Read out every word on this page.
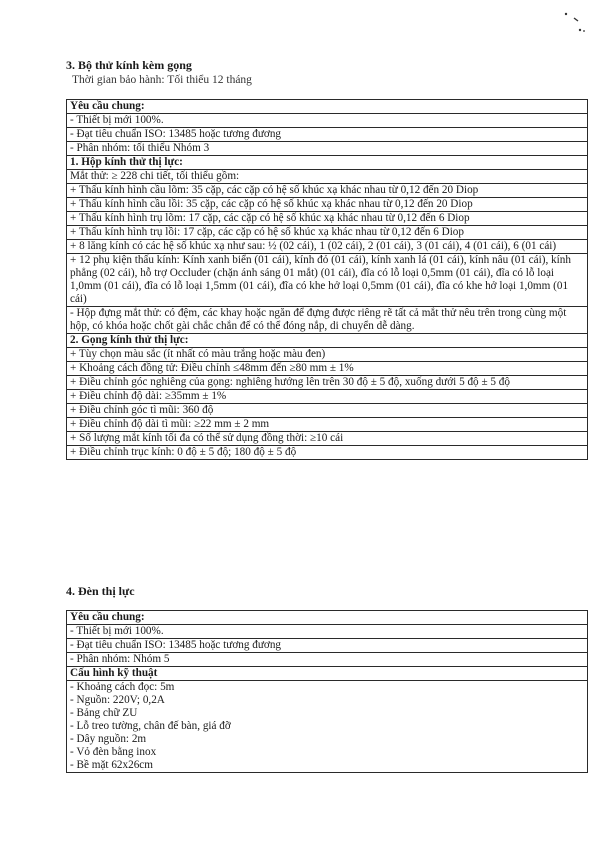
3. Bộ thử kính kèm gọng
Thời gian bảo hành: Tối thiểu 12 tháng
Yêu cầu chung:
- Thiết bị mới 100%.
- Đạt tiêu chuẩn ISO: 13485 hoặc tương đương
- Phân nhóm: tối thiểu Nhóm 3
1. Hộp kính thử thị lực:
Mắt thử: ≥ 228 chi tiết, tối thiểu gồm:
+ Thấu kính hình cầu lõm: 35 cặp, các cặp có hệ số khúc xạ khác nhau từ 0,12 đến 20 Diop
+ Thấu kính hình cầu lồi: 35 cặp, các cặp có hệ số khúc xạ khác nhau từ 0,12 đến 20 Diop
+ Thấu kính hình trụ lõm: 17 cặp, các cặp có hệ số khúc xạ khác nhau từ 0,12 đến 6 Diop
+ Thấu kính hình trụ lồi: 17 cặp, các cặp có hệ số khúc xạ khác nhau từ 0,12 đến 6 Diop
+ 8 lăng kính có các hệ số khúc xạ như sau: ½ (02 cái), 1 (02 cái), 2 (01 cái), 3 (01 cái), 4 (01 cái), 6 (01 cái)
+ 12 phụ kiện thấu kính: Kính xanh biển (01 cái), kính đỏ (01 cái), kính xanh lá (01 cái), kính nâu (01 cái), kính phẳng (02 cái), hỗ trợ Occluder (chặn ánh sáng 01 mắt) (01 cái), đĩa có lỗ loại 0,5mm (01 cái), đĩa có lỗ loại 1,0mm (01 cái), đĩa có lỗ loại 1,5mm (01 cái), đĩa có khe hở loại 0,5mm (01 cái), đĩa có khe hở loại 1,0mm (01 cái)
- Hộp đựng mắt thử: có đệm, các khay hoặc ngăn để đựng được riêng rẽ tất cả mắt thử nêu trên trong cùng một hộp, có khóa hoặc chốt gài chắc chắn để có thể đóng nắp, di chuyển dễ dàng.
2. Gọng kính thử thị lực:
+ Tùy chọn màu sắc (ít nhất có màu trắng hoặc màu đen)
+ Khoảng cách đồng tử: Điều chỉnh ≤48mm đến ≥80 mm ± 1%
+ Điều chỉnh góc nghiêng của gọng: nghiêng hướng lên trên 30 độ ± 5 độ, xuống dưới 5 độ ± 5 độ
+ Điều chỉnh độ dài: ≥35mm ± 1%
+ Điều chỉnh góc tì mũi: 360 độ
+ Điều chỉnh độ dài tì mũi: ≥22 mm ± 2 mm
+ Số lượng mắt kính tối đa có thể sử dụng đồng thời: ≥10 cái
+ Điều chỉnh trục kính: 0 độ ± 5 độ; 180 độ ± 5 độ
4. Đèn thị lực
Yêu cầu chung:
- Thiết bị mới 100%.
- Đạt tiêu chuẩn ISO: 13485 hoặc tương đương
- Phân nhóm: Nhóm 5
Cấu hình kỹ thuật
- Khoảng cách đọc: 5m
- Nguồn: 220V; 0,2A
- Bảng chữ ZU
- Lỗ treo tường, chân đế bàn, giá đỡ
- Dây nguồn: 2m
- Vỏ đèn bằng inox
- Bề mặt 62x26cm
